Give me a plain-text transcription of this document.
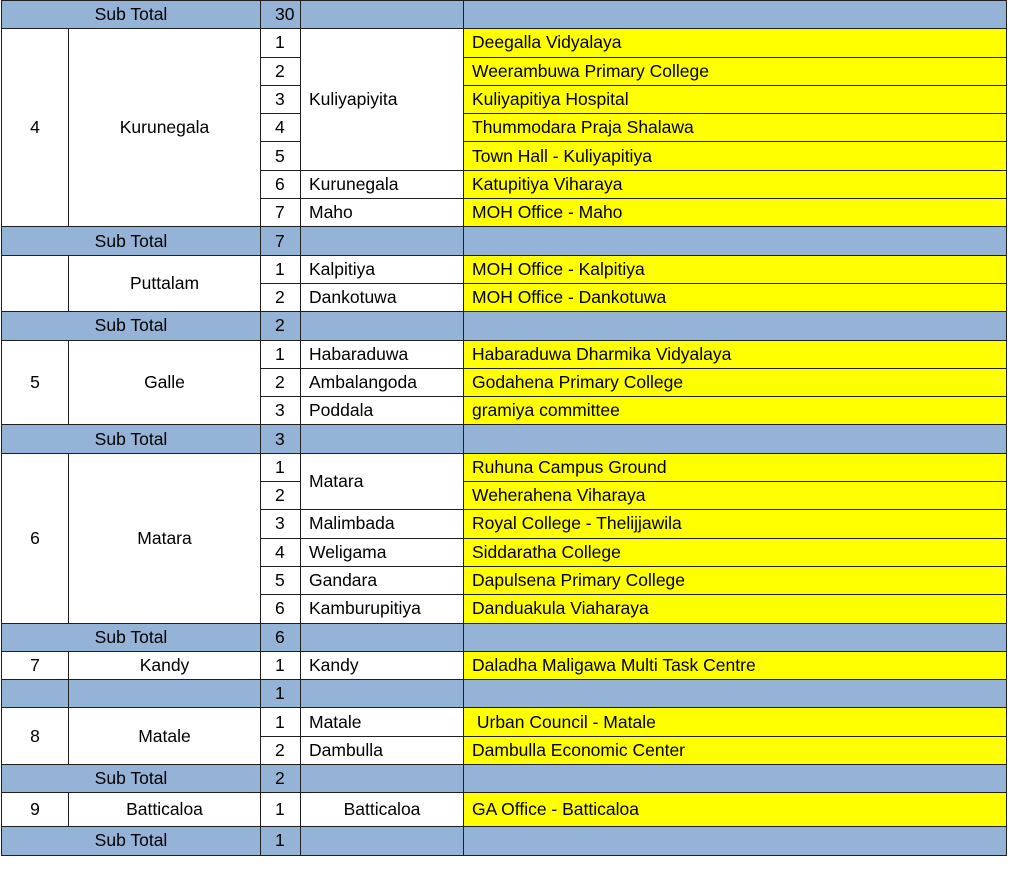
Sub Total		30		
4	Kurunegala	1	Kuliyapiyita	Deegalla Vidyalaya
		2		Weerambuwa Primary College
		3		Kuliyapitiya Hospital
		4		Thummodara Praja Shalawa
		5		Town Hall - Kuliyapitiya
		6	Kurunegala	Katupitiya Viharaya
		7	Maho	MOH Office - Maho
Sub Total		7		
	Puttalam	1	Kalpitiya	MOH Office - Kalpitiya
		2	Dankotuwa	MOH Office - Dankotuwa
Sub Total		2		
5	Galle	1	Habaraduwa	Habaraduwa Dharmika Vidyalaya
		2	Ambalangoda	Godahena Primary College
		3	Poddala	gramiya committee
Sub Total		3		
6	Matara	1	Matara	Ruhuna Campus Ground
		2		Weherahena Viharaya
		3	Malimbada	Royal College - Thelijjawila
		4	Weligama	Siddaratha College
		5	Gandara	Dapulsena Primary College
		6	Kamburupitiya	Danduakula Viaharaya
Sub Total		6		
7	Kandy	1	Kandy	Daladha Maligawa Multi Task Centre
		1		
8	Matale	1	Matale	Urban Council - Matale
		2	Dambulla	Dambulla Economic Center
Sub Total		2		
9	Batticaloa	1	Batticaloa	GA Office - Batticaloa
Sub Total		1		
